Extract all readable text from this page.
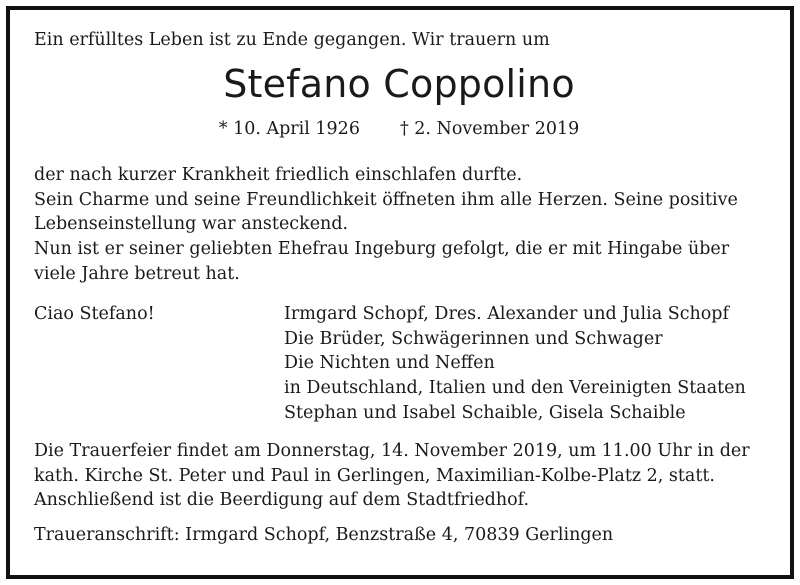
Ein erfülltes Leben ist zu Ende gegangen. Wir trauern um
Stefano Coppolino
* 10. April 1926 † 2. November 2019
der nach kurzer Krankheit friedlich einschlafen durfte.
Sein Charme und seine Freundlichkeit öffneten ihm alle Herzen. Seine positive
Lebenseinstellung war ansteckend.
Nun ist er seiner geliebten Ehefrau Ingeburg gefolgt, die er mit Hingabe über
viele Jahre betreut hat.
Ciao Stefano!	Irmgard Schopf, Dres. Alexander und Julia Schopf
Die Brüder, Schwägerinnen und Schwager
Die Nichten und Neffen
in Deutschland, Italien und den Vereinigten Staaten
Stephan und Isabel Schaible, Gisela Schaible
Die Trauerfeier findet am Donnerstag, 14. November 2019, um 11.00 Uhr in der
kath. Kirche St. Peter und Paul in Gerlingen, Maximilian-Kolbe-Platz 2, statt.
Anschließend ist die Beerdigung auf dem Stadtfriedhof.
Traueranschrift: Irmgard Schopf, Benzstraße 4, 70839 Gerlingen
